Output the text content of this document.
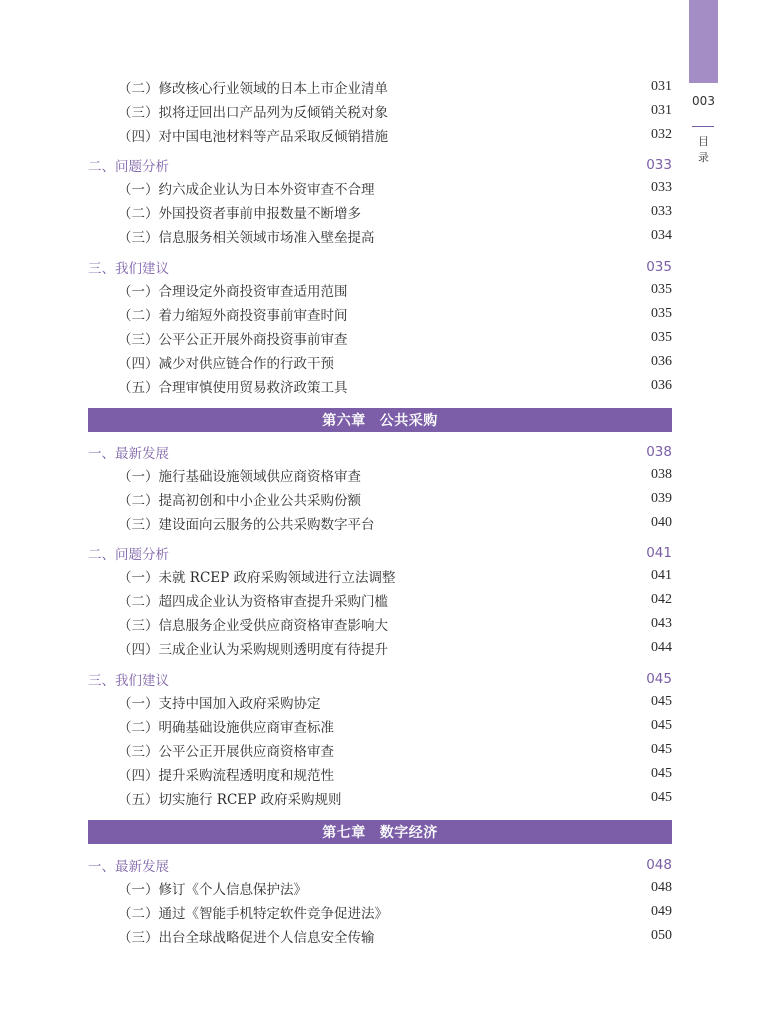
003
目
录
（二）修改核心行业领域的日本上市企业清单	031
（三）拟将迂回出口产品列为反倾销关税对象	031
（四）对中国电池材料等产品采取反倾销措施	032
二、问题分析	033
（一）约六成企业认为日本外资审查不合理	033
（二）外国投资者事前申报数量不断增多	033
（三）信息服务相关领域市场准入壁垒提高	034
三、我们建议	035
（一）合理设定外商投资审查适用范围	035
（二）着力缩短外商投资事前审查时间	035
（三）公平公正开展外商投资事前审查	035
（四）减少对供应链合作的行政干预	036
（五）合理审慎使用贸易救济政策工具	036
第六章 公共采购
一、最新发展	038
（一）施行基础设施领域供应商资格审查	038
（二）提高初创和中小企业公共采购份额	039
（三）建设面向云服务的公共采购数字平台	040
二、问题分析	041
（一）未就 RCEP 政府采购领域进行立法调整	041
（二）超四成企业认为资格审查提升采购门槛	042
（三）信息服务企业受供应商资格审查影响大	043
（四）三成企业认为采购规则透明度有待提升	044
三、我们建议	045
（一）支持中国加入政府采购协定	045
（二）明确基础设施供应商审查标准	045
（三）公平公正开展供应商资格审查	045
（四）提升采购流程透明度和规范性	045
（五）切实施行 RCEP 政府采购规则	045
第七章 数字经济
一、最新发展	048
（一）修订《个人信息保护法》	048
（二）通过《智能手机特定软件竞争促进法》	049
（三）出台全球战略促进个人信息安全传输	050
